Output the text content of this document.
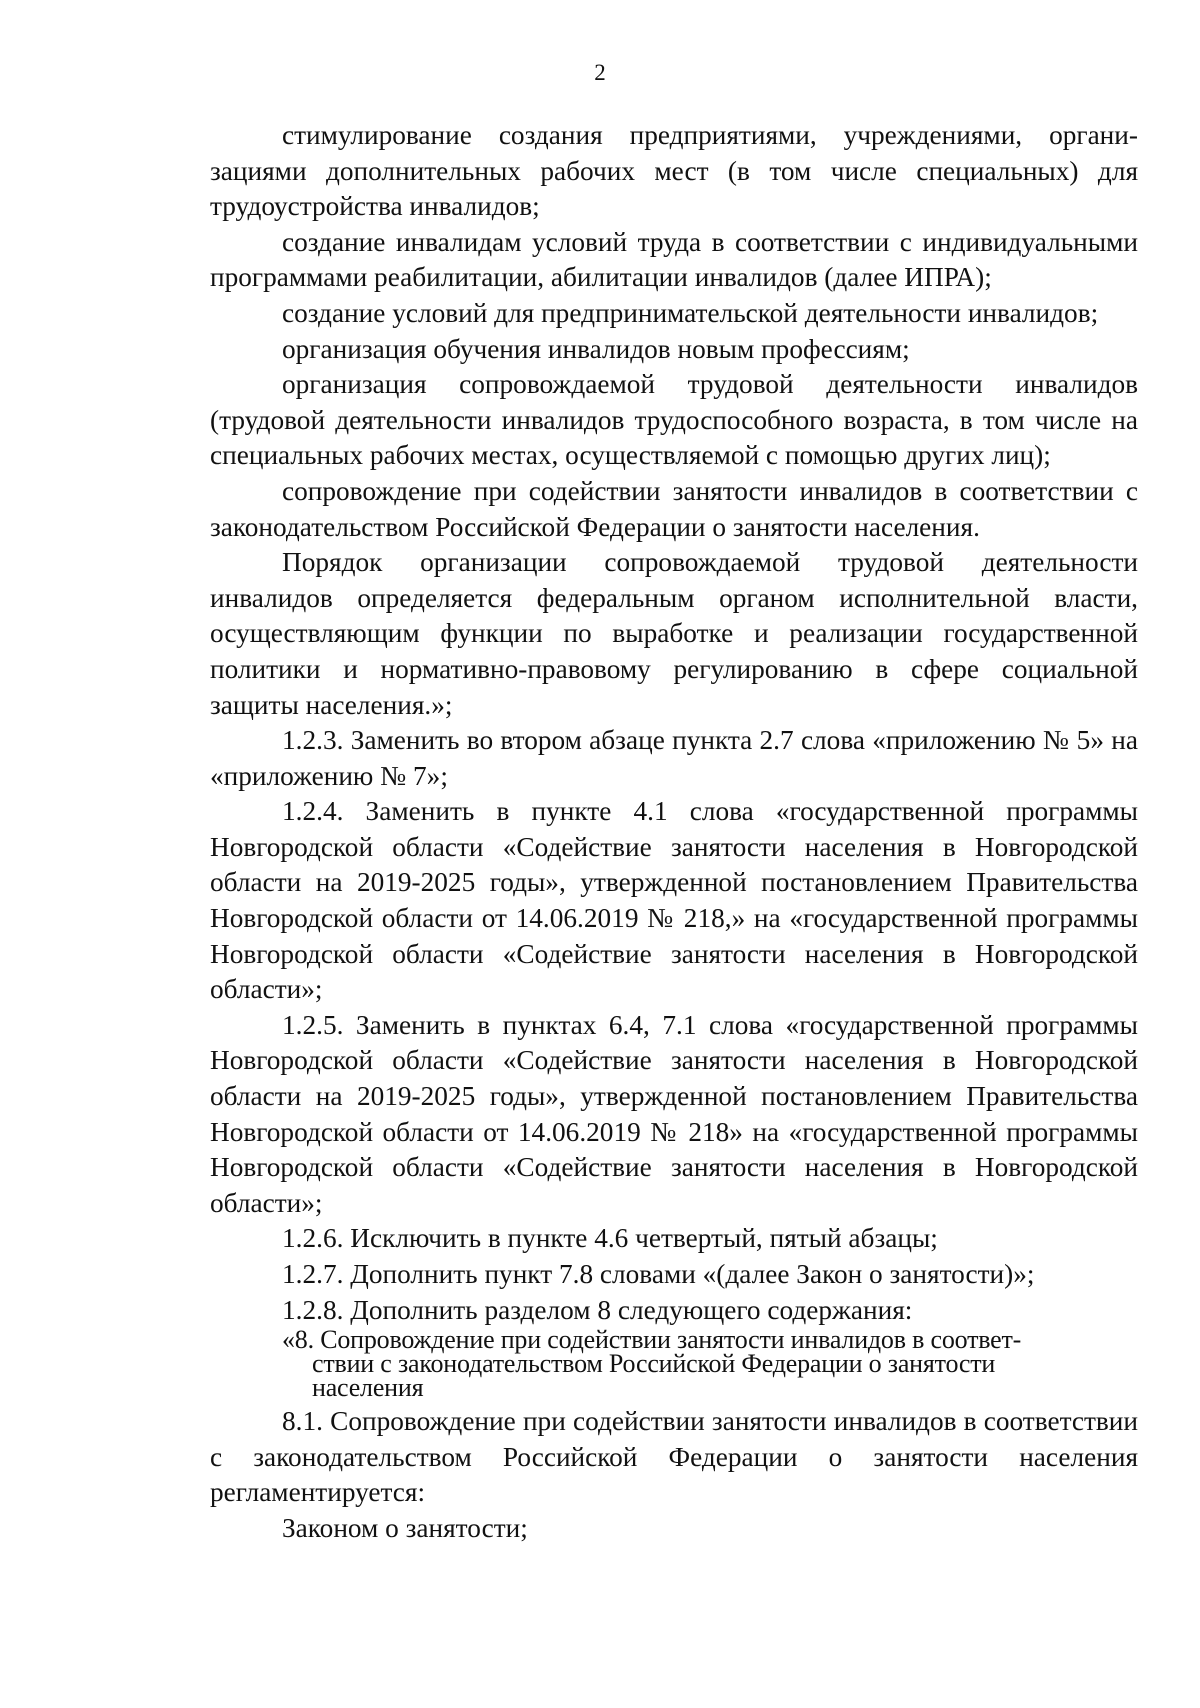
2

стимулирование создания предприятиями, учреждениями, организациями дополнительных рабочих мест (в том числе специальных) для трудоустройства инвалидов;

создание инвалидам условий труда в соответствии с индивидуальными программами реабилитации, абилитации инвалидов (далее ИПРА);

создание условий для предпринимательской деятельности инвалидов;

организация обучения инвалидов новым профессиям;

организация сопровождаемой трудовой деятельности инвалидов (трудовой деятельности инвалидов трудоспособного возраста, в том числе на специальных рабочих местах, осуществляемой с помощью других лиц);

сопровождение при содействии занятости инвалидов в соответствии с законодательством Российской Федерации о занятости населения.

Порядок организации сопровождаемой трудовой деятельности инвалидов определяется федеральным органом исполнительной власти, осуществляющим функции по выработке и реализации государственной политики и нормативно-правовому регулированию в сфере социальной защиты населения.»;

1.2.3. Заменить во втором абзаце пункта 2.7 слова «приложению № 5» на «приложению № 7»;

1.2.4. Заменить в пункте 4.1 слова «государственной программы Новгородской области «Содействие занятости населения в Новгородской области на 2019-2025 годы», утвержденной постановлением Правительства Новгородской области от 14.06.2019 № 218,» на «государственной программы Новгородской области «Содействие занятости населения в Новгородской области»;

1.2.5. Заменить в пунктах 6.4, 7.1 слова «государственной программы Новгородской области «Содействие занятости населения в Новгородской области на 2019-2025 годы», утвержденной постановлением Правительства Новгородской области от 14.06.2019 № 218» на «государственной программы Новгородской области «Содействие занятости населения в Новгородской области»;

1.2.6. Исключить в пункте 4.6 четвертый, пятый абзацы;

1.2.7. Дополнить пункт 7.8 словами «(далее Закон о занятости)»;

1.2.8. Дополнить разделом 8 следующего содержания:

«8. Сопровождение при содействии занятости инвалидов в соответ-
ствии с законодательством Российской Федерации о занятости
населения

8.1. Сопровождение при содействии занятости инвалидов в соответствии с законодательством Российской Федерации о занятости населения регламентируется:

Законом о занятости;
